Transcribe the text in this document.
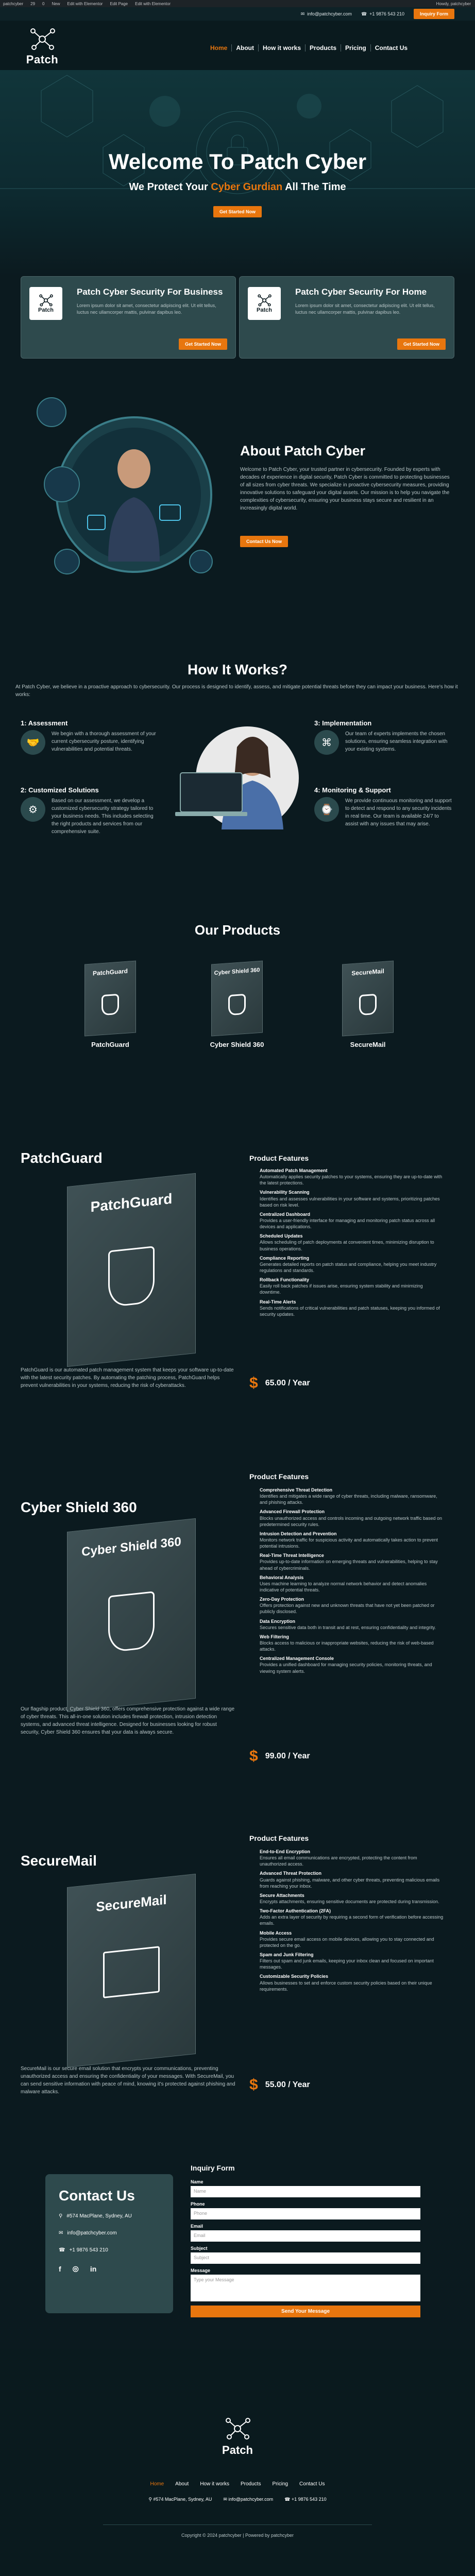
patchcyber 29 0 New Edit with Elementor Edit Page Edit with Elementor	Howdy, patchcyber
✉ info@patchcyber.com ☎ +1 9876 543 210	Inquiry Form
Patch
Home	About	How it works	Products	Pricing	Contact Us
Welcome To Patch Cyber
We Protect Your Cyber Gurdian All The Time
Get Started Now
Patch
Patch Cyber Security For Business

Lorem ipsum dolor sit amet, consectetur adipiscing elit. Ut elit tellus, luctus nec ullamcorper mattis, pulvinar dapibus leo.

Get Started Now
Patch
Patch Cyber Security For Home

Lorem ipsum dolor sit amet, consectetur adipiscing elit. Ut elit tellus, luctus nec ullamcorper mattis, pulvinar dapibus leo.

Get Started Now
About Patch Cyber
Welcome to Patch Cyber, your trusted partner in cybersecurity. Founded by experts with decades of experience in digital security, Patch Cyber is committed to protecting businesses of all sizes from cyber threats. We specialize in proactive cybersecurity measures, providing innovative solutions to safeguard your digital assets. Our mission is to help you navigate the complexities of cybersecurity, ensuring your business stays secure and resilient in an increasingly digital world.
Contact Us Now
How It Works?
At Patch Cyber, we believe in a proactive approach to cybersecurity. Our process is designed to identify, assess, and mitigate potential threats before they can impact your business. Here's how it works:
1: Assessment
🤝

We begin with a thorough assessment of your current cybersecurity posture, identifying vulnerabilities and potential threats.

2: Customized Solutions
⚙

Based on our assessment, we develop a customized cybersecurity strategy tailored to your business needs. This includes selecting the right products and services from our comprehensive suite.

3: Implementation
⌘

Our team of experts implements the chosen solutions, ensuring seamless integration with your existing systems.

4: Monitoring & Support
⌚

We provide continuous monitoring and support to detect and respond to any security incidents in real time. Our team is available 24/7 to assist with any issues that may arise.

Our Products
PatchGuard
PatchGuard
Cyber Shield 360
Cyber Shield 360
SecureMail
SecureMail
PatchGuard
PatchGuard
PatchGuard is our automated patch management system that keeps your software up-to-date with the latest security patches. By automating the patching process, PatchGuard helps prevent vulnerabilities in your systems, reducing the risk of cyberattacks.
Product Features
Automated Patch Management
Automatically applies security patches to your systems, ensuring they are up-to-date with the latest protections.
Vulnerability Scanning
Identifies and assesses vulnerabilities in your software and systems, prioritizing patches based on risk level.
Centralized Dashboard
Provides a user-friendly interface for managing and monitoring patch status across all devices and applications.
Scheduled Updates
Allows scheduling of patch deployments at convenient times, minimizing disruption to business operations.
Compliance Reporting
Generates detailed reports on patch status and compliance, helping you meet industry regulations and standards.
Rollback Functionality
Easily roll back patches if issues arise, ensuring system stability and minimizing downtime.
Real-Time Alerts
Sends notifications of critical vulnerabilities and patch statuses, keeping you informed of security updates.
$ 65.00 / Year
Cyber Shield 360
Cyber Shield 360
Our flagship product, Cyber Shield 360, offers comprehensive protection against a wide range of cyber threats. This all-in-one solution includes firewall protection, intrusion detection systems, and advanced threat intelligence. Designed for businesses looking for robust security, Cyber Shield 360 ensures that your data is always secure.
Product Features
Comprehensive Threat Detection
Identifies and mitigates a wide range of cyber threats, including malware, ransomware, and phishing attacks.
Advanced Firewall Protection
Blocks unauthorized access and controls incoming and outgoing network traffic based on predetermined security rules.
Intrusion Detection and Prevention
Monitors network traffic for suspicious activity and automatically takes action to prevent potential intrusions.
Real-Time Threat Intelligence
Provides up-to-date information on emerging threats and vulnerabilities, helping to stay ahead of cybercriminals.
Behavioral Analysis
Uses machine learning to analyze normal network behavior and detect anomalies indicative of potential threats.
Zero-Day Protection
Offers protection against new and unknown threats that have not yet been patched or publicly disclosed.
Data Encryption
Secures sensitive data both in transit and at rest, ensuring confidentiality and integrity.
Web Filtering
Blocks access to malicious or inappropriate websites, reducing the risk of web-based attacks.
Centralized Management Console
Provides a unified dashboard for managing security policies, monitoring threats, and viewing system alerts.
$ 99.00 / Year
SecureMail
SecureMail
SecureMail is our secure email solution that encrypts your communications, preventing unauthorized access and ensuring the confidentiality of your messages. With SecureMail, you can send sensitive information with peace of mind, knowing it's protected against phishing and malware attacks.
Product Features
End-to-End Encryption
Ensures all email communications are encrypted, protecting the content from unauthorized access.
Advanced Threat Protection
Guards against phishing, malware, and other cyber threats, preventing malicious emails from reaching your inbox.
Secure Attachments
Encrypts attachments, ensuring sensitive documents are protected during transmission.
Two-Factor Authentication (2FA)
Adds an extra layer of security by requiring a second form of verification before accessing emails.
Mobile Access
Provides secure email access on mobile devices, allowing you to stay connected and protected on the go.
Spam and Junk Filtering
Filters out spam and junk emails, keeping your inbox clean and focused on important messages.
Customizable Security Policies
Allows businesses to set and enforce custom security policies based on their unique requirements.
$ 55.00 / Year
Contact Us
⚲ #574 MacPlane, Sydney, AU
✉ info@patchcyber.com
☎ +1 9876 543 210
f ◎ in
Inquiry Form
Name
Name
Phone
Phone
Email
Email
Subject
Subject
Message
Type your Message
Send Your Message
Patch
Home About How it works Products Pricing Contact Us
⚲ #574 MacPlane, Sydney, AU ✉ info@patchcyber.com ☎ +1 9876 543 210
Copyright © 2024 patchcyber | Powered by patchcyber
